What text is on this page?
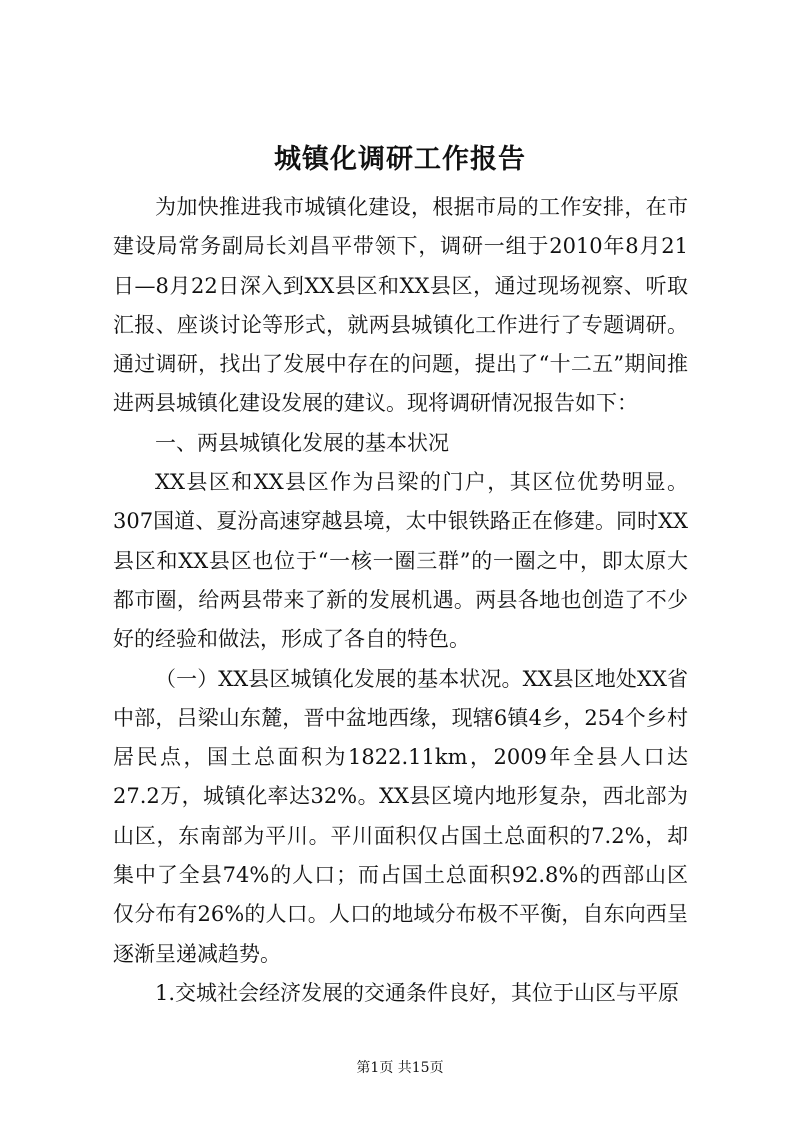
城镇化调研工作报告

为加快推进我市城镇化建设，根据市局的工作安排，在市建设局常务副局长刘昌平带领下，调研一组于2010年8月21日—8月22日深入到XX县区和XX县区，通过现场视察、听取汇报、座谈讨论等形式，就两县城镇化工作进行了专题调研。通过调研，找出了发展中存在的问题，提出了“十二五”期间推进两县城镇化建设发展的建议。现将调研情况报告如下：

一、两县城镇化发展的基本状况

XX县区和XX县区作为吕梁的门户，其区位优势明显。307国道、夏汾高速穿越县境，太中银铁路正在修建。同时XX县区和XX县区也位于“一核一圈三群”的一圈之中，即太原大都市圈，给两县带来了新的发展机遇。两县各地也创造了不少好的经验和做法，形成了各自的特色。

（一）XX县区城镇化发展的基本状况。XX县区地处XX省中部，吕梁山东麓，晋中盆地西缘，现辖6镇4乡，254个乡村居民点，国土总面积为1822.11km，2009年全县人口达27.2万，城镇化率达32%。XX县区境内地形复杂，西北部为山区，东南部为平川。平川面积仅占国土总面积的7.2%，却集中了全县74%的人口；而占国土总面积92.8%的西部山区仅分布有26%的人口。人口的地域分布极不平衡，自东向西呈逐渐呈递减趋势。

1.交城社会经济发展的交通条件良好，其位于山区与平原

第1页 共15页
